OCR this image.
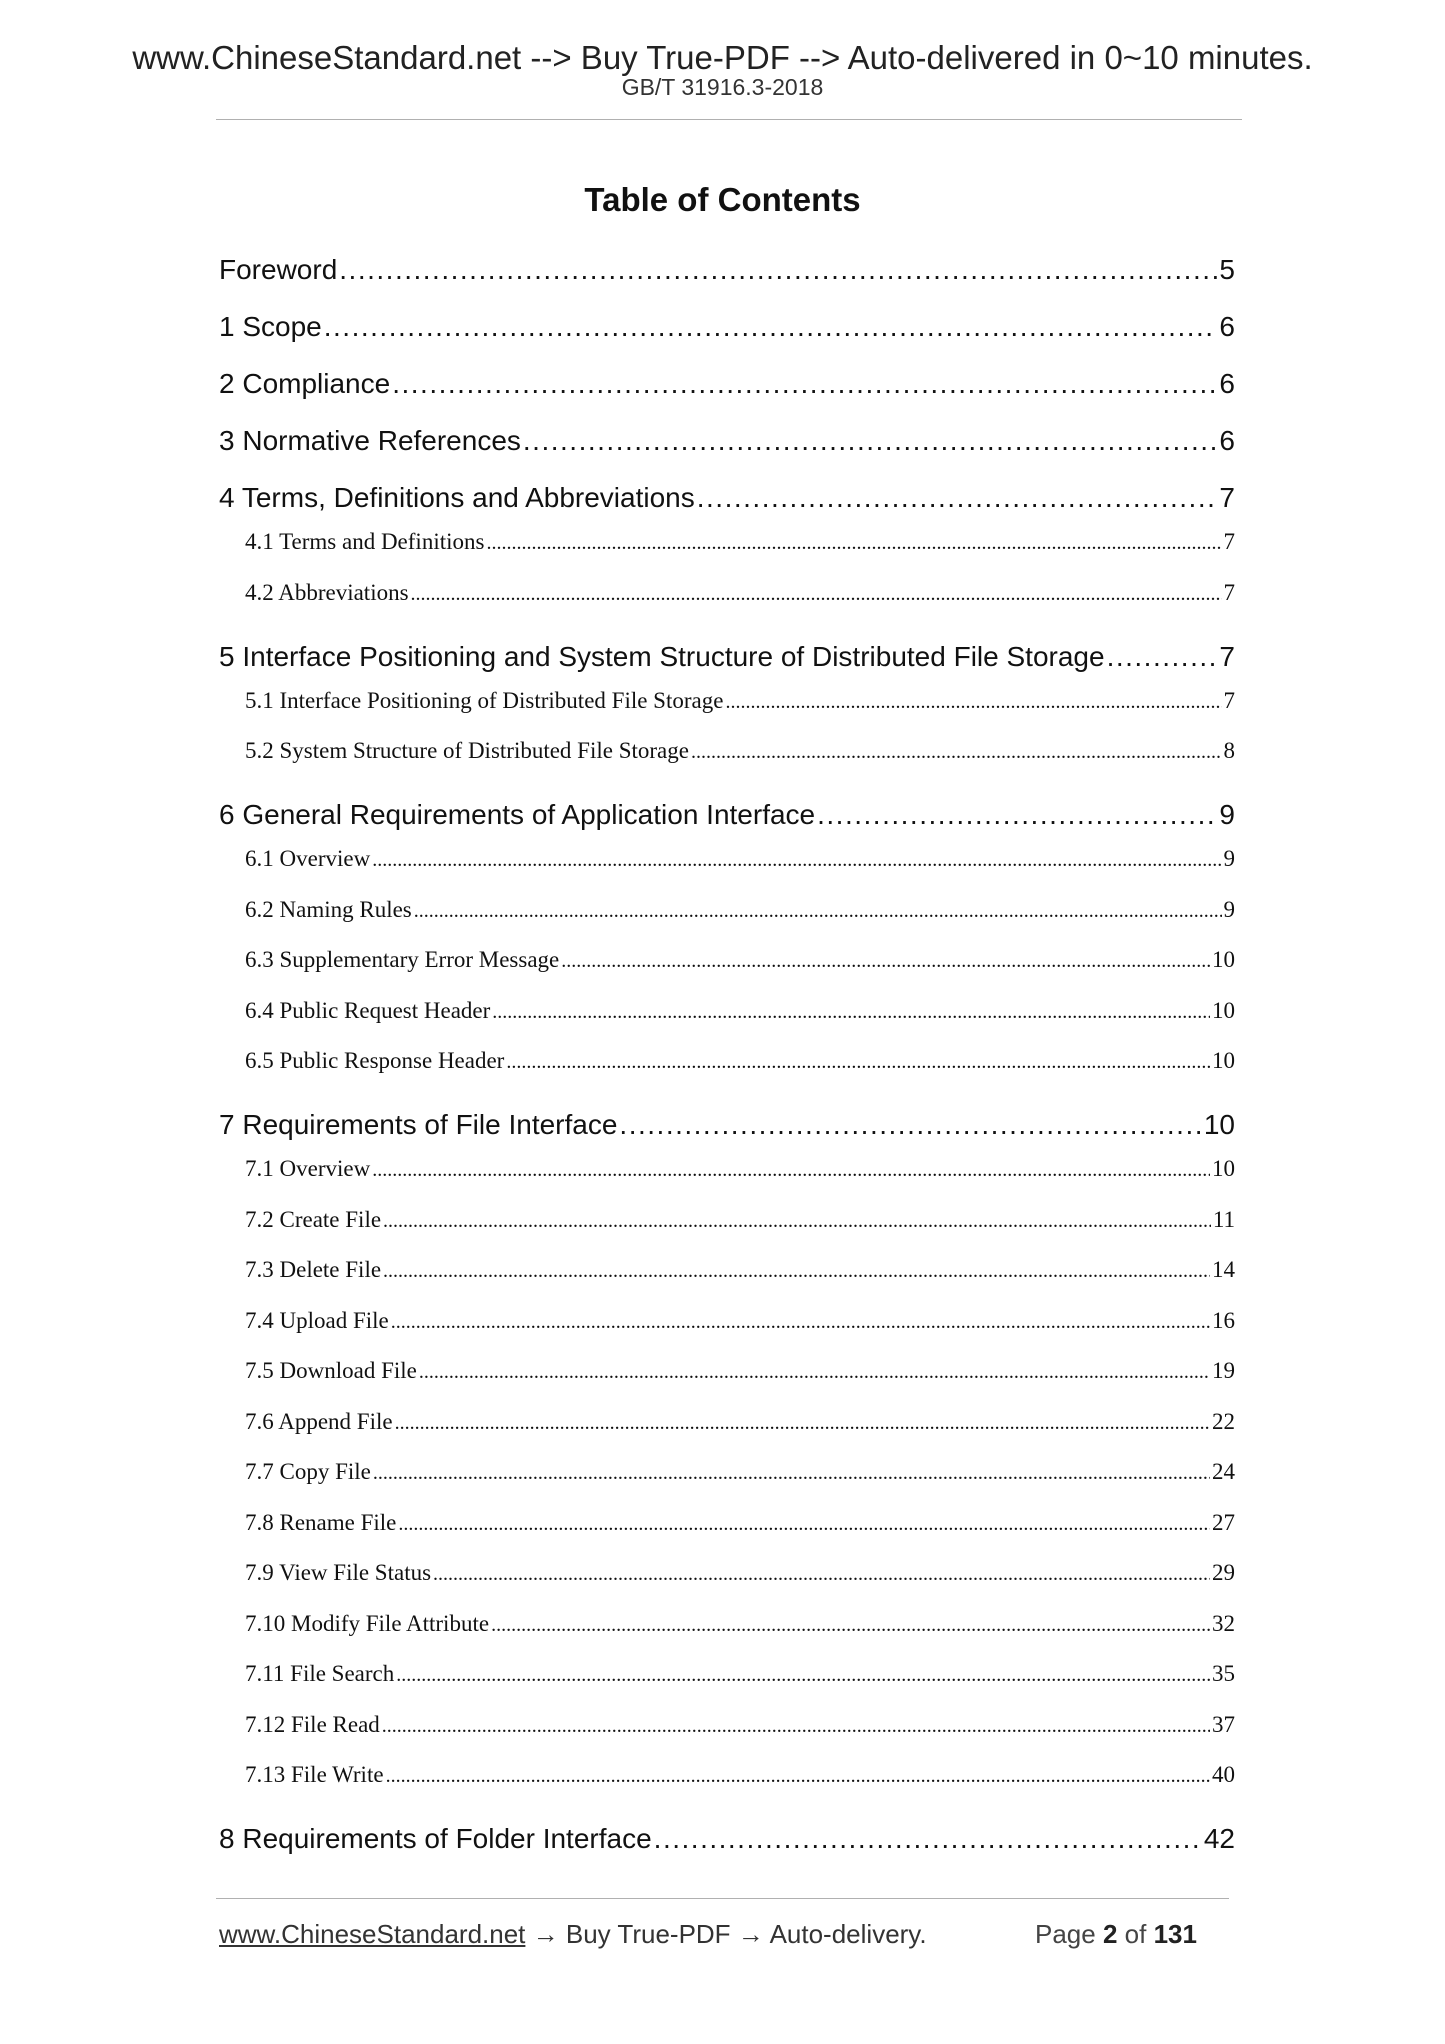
www.ChineseStandard.net --> Buy True-PDF --> Auto-delivered in 0~10 minutes.
GB/T 31916.3-2018
Table of Contents
Foreword .....	5
1 Scope .....	6
2 Compliance .....	6
3 Normative References .....	6
4 Terms, Definitions and Abbreviations .....	7
4.1 Terms and Definitions .....	7
4.2 Abbreviations .....	7
5 Interface Positioning and System Structure of Distributed File Storage .....	7
5.1 Interface Positioning of Distributed File Storage .....	7
5.2 System Structure of Distributed File Storage .....	8
6 General Requirements of Application Interface .....	9
6.1 Overview .....	9
6.2 Naming Rules .....	9
6.3 Supplementary Error Message .....	10
6.4 Public Request Header .....	10
6.5 Public Response Header .....	10
7 Requirements of File Interface .....	10
7.1 Overview .....	10
7.2 Create File .....	11
7.3 Delete File .....	14
7.4 Upload File .....	16
7.5 Download File .....	19
7.6 Append File .....	22
7.7 Copy File .....	24
7.8 Rename File .....	27
7.9 View File Status .....	29
7.10 Modify File Attribute .....	32
7.11 File Search .....	35
7.12 File Read .....	37
7.13 File Write .....	40
8 Requirements of Folder Interface .....	42
www.ChineseStandard.net → Buy True-PDF → Auto-delivery.	Page 2 of 131
